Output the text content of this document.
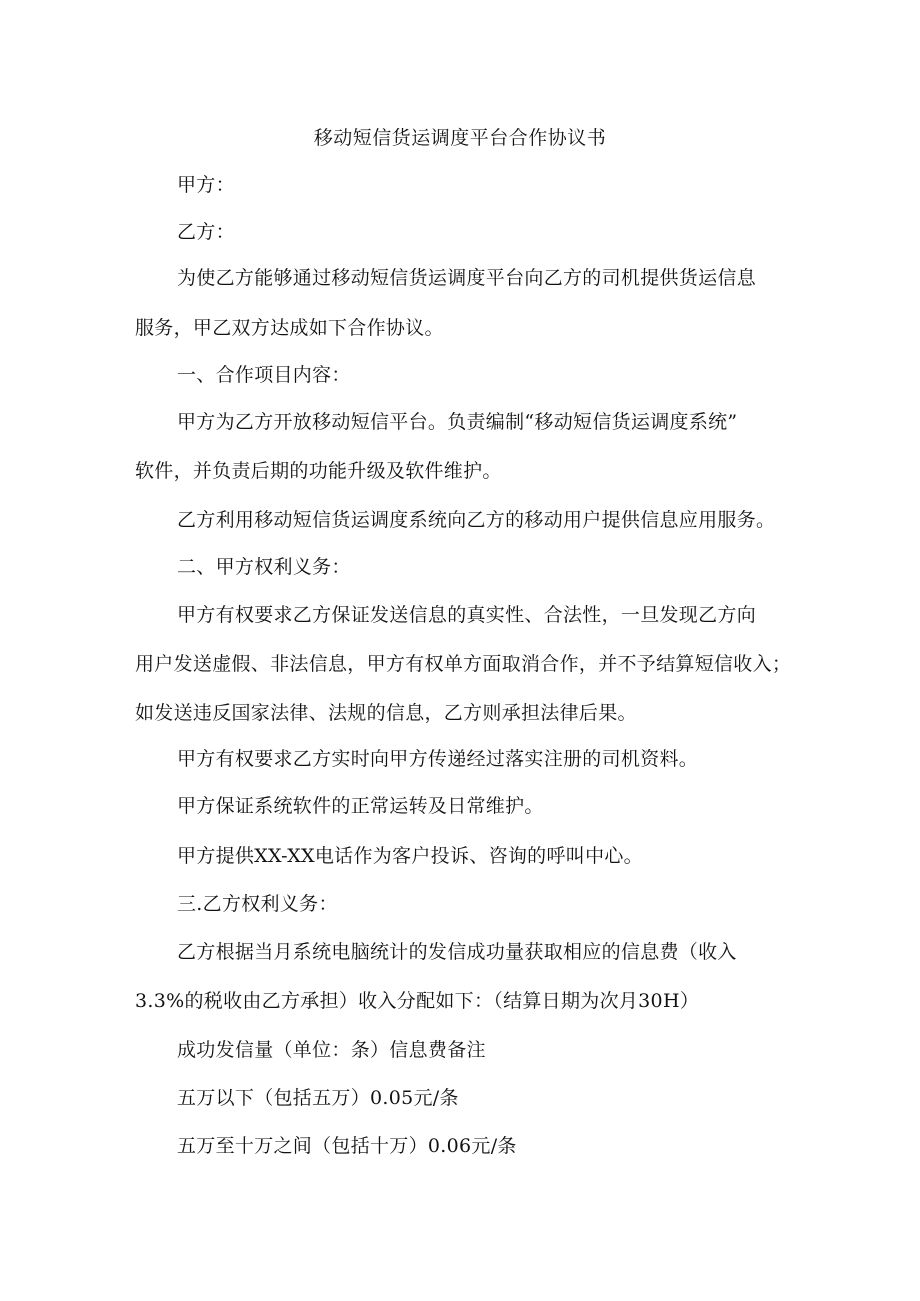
移动短信货运调度平台合作协议书
甲方：
乙方：
为使乙方能够通过移动短信货运调度平台向乙方的司机提供货运信息
服务，甲乙双方达成如下合作协议。
一、合作项目内容：
甲方为乙方开放移动短信平台。负责编制“移动短信货运调度系统”
软件，并负责后期的功能升级及软件维护。
乙方利用移动短信货运调度系统向乙方的移动用户提供信息应用服务。
二、甲方权利义务：
甲方有权要求乙方保证发送信息的真实性、合法性，一旦发现乙方向
用户发送虚假、非法信息，甲方有权单方面取消合作，并不予结算短信收入；
如发送违反国家法律、法规的信息，乙方则承担法律后果。
甲方有权要求乙方实时向甲方传递经过落实注册的司机资料。
甲方保证系统软件的正常运转及日常维护。
甲方提供XX-XX电话作为客户投诉、咨询的呼叫中心。
三.乙方权利义务：
乙方根据当月系统电脑统计的发信成功量获取相应的信息费（收入
3.3%的税收由乙方承担）收入分配如下：（结算日期为次月30H）
成功发信量（单位：条）信息费备注
五万以下（包括五万）0.05元/条
五万至十万之间（包括十万）0.06元/条
